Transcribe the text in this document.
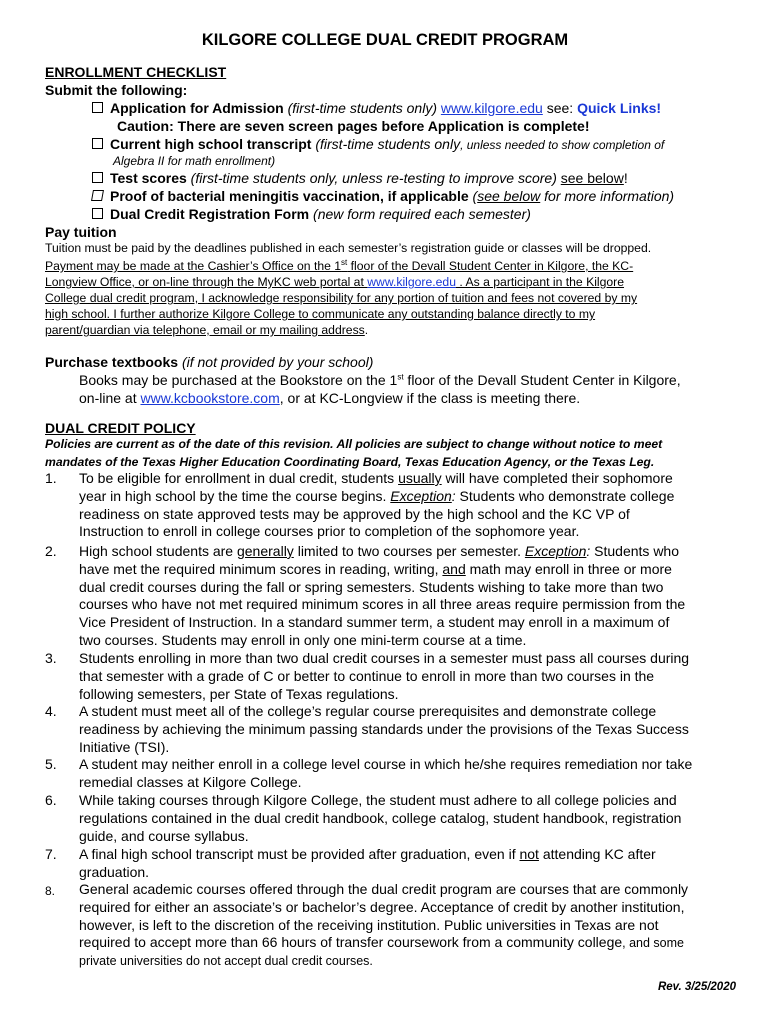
KILGORE COLLEGE DUAL CREDIT PROGRAM
ENROLLMENT CHECKLIST
Submit the following:
Application for Admission (first-time students only) www.kilgore.edu see: Quick Links!
Caution: There are seven screen pages before Application is complete!
Current high school transcript (first-time students only, unless needed to show completion of
Algebra II for math enrollment)
Test scores (first-time students only, unless re-testing to improve score) see below!
Proof of bacterial meningitis vaccination, if applicable (see below for more information)
Dual Credit Registration Form (new form required each semester)
Pay tuition
Tuition must be paid by the deadlines published in each semester’s registration guide or classes will be dropped.
Payment may be made at the Cashier’s Office on the 1st floor of the Devall Student Center in Kilgore, the KC-
Longview Office, or on-line through the MyKC web portal at www.kilgore.edu . As a participant in the Kilgore
College dual credit program, I acknowledge responsibility for any portion of tuition and fees not covered by my
high school. I further authorize Kilgore College to communicate any outstanding balance directly to my
parent/guardian via telephone, email or my mailing address.
Purchase textbooks (if not provided by your school)
Books may be purchased at the Bookstore on the 1st floor of the Devall Student Center in Kilgore,
on-line at www.kcbookstore.com, or at KC-Longview if the class is meeting there.
DUAL CREDIT POLICY
Policies are current as of the date of this revision. All policies are subject to change without notice to meet
mandates of the Texas Higher Education Coordinating Board, Texas Education Agency, or the Texas Leg.
1. To be eligible for enrollment in dual credit, students usually will have completed their sophomore
year in high school by the time the course begins. Exception: Students who demonstrate college
readiness on state approved tests may be approved by the high school and the KC VP of
Instruction to enroll in college courses prior to completion of the sophomore year.
2. High school students are generally limited to two courses per semester. Exception: Students who
have met the required minimum scores in reading, writing, and math may enroll in three or more
dual credit courses during the fall or spring semesters. Students wishing to take more than two
courses who have not met required minimum scores in all three areas require permission from the
Vice President of Instruction. In a standard summer term, a student may enroll in a maximum of
two courses. Students may enroll in only one mini-term course at a time.
3. Students enrolling in more than two dual credit courses in a semester must pass all courses during
that semester with a grade of C or better to continue to enroll in more than two courses in the
following semesters, per State of Texas regulations.
4. A student must meet all of the college’s regular course prerequisites and demonstrate college
readiness by achieving the minimum passing standards under the provisions of the Texas Success
Initiative (TSI).
5. A student may neither enroll in a college level course in which he/she requires remediation nor take
remedial classes at Kilgore College.
6. While taking courses through Kilgore College, the student must adhere to all college policies and
regulations contained in the dual credit handbook, college catalog, student handbook, registration
guide, and course syllabus.
7. A final high school transcript must be provided after graduation, even if not attending KC after
graduation.
8. General academic courses offered through the dual credit program are courses that are commonly
required for either an associate’s or bachelor’s degree. Acceptance of credit by another institution,
however, is left to the discretion of the receiving institution. Public universities in Texas are not
required to accept more than 66 hours of transfer coursework from a community college, and some
private universities do not accept dual credit courses.
Rev. 3/25/2020
